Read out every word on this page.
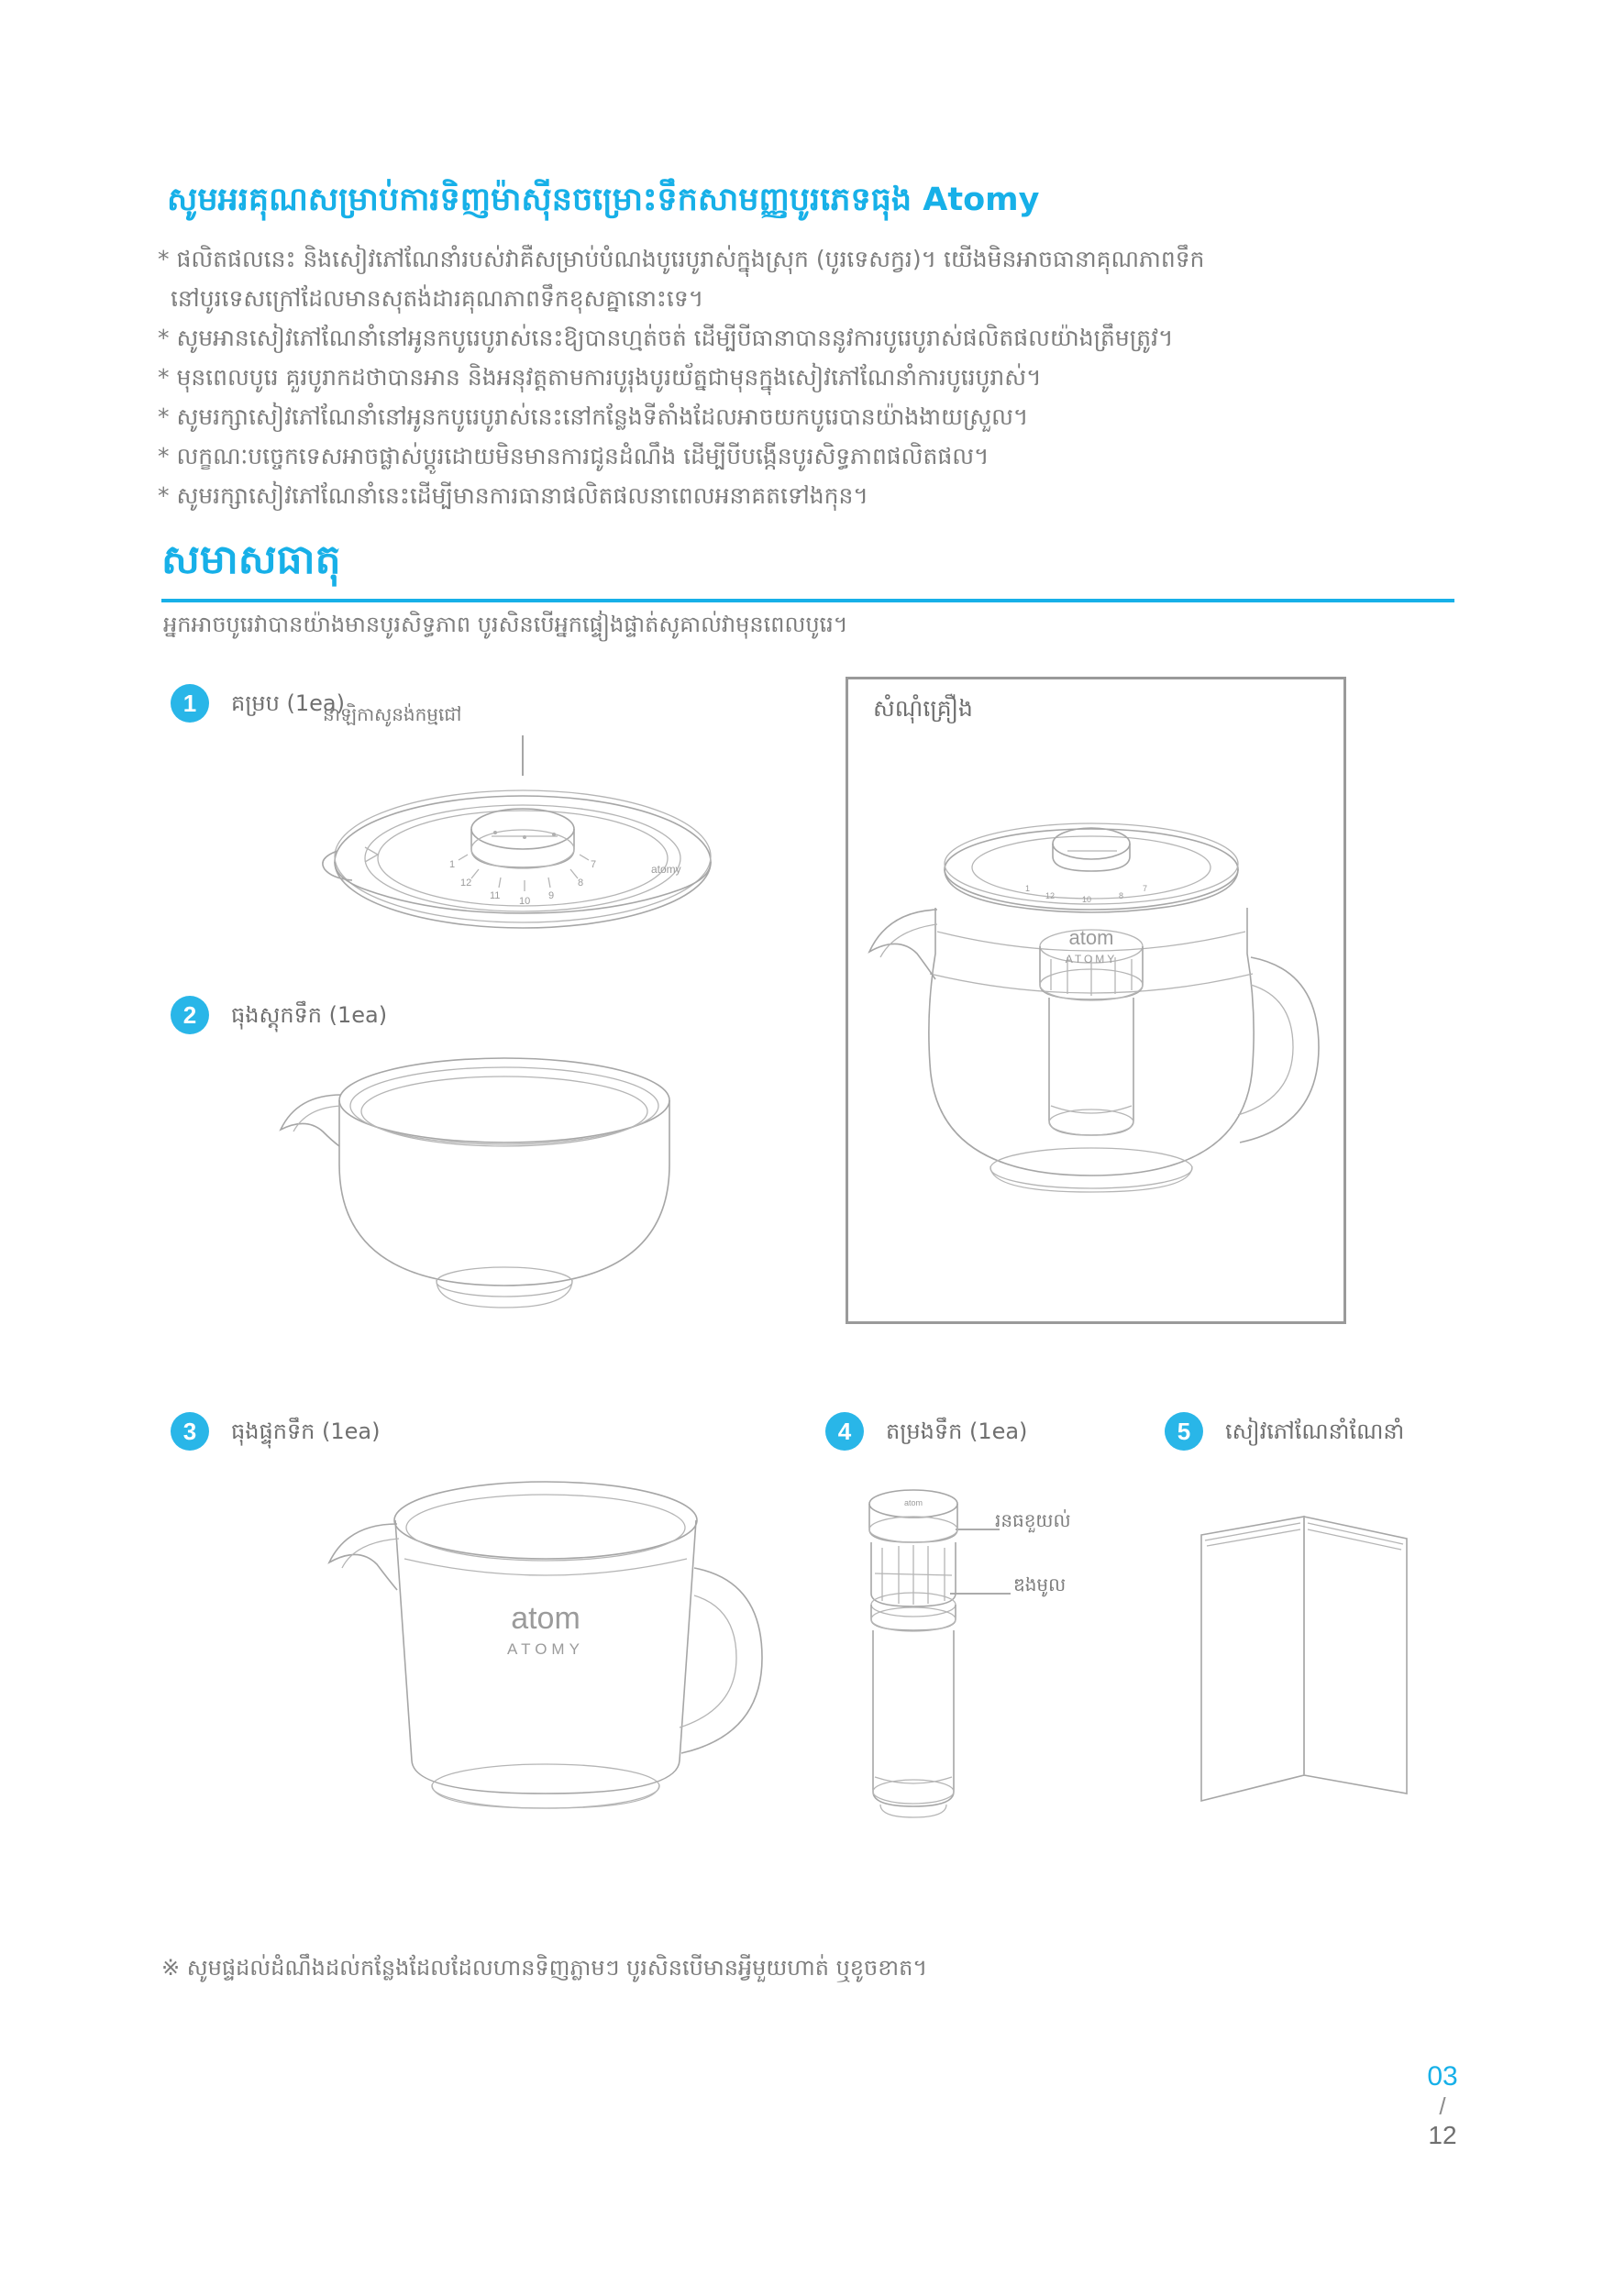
សូមអរគុណសម្រាប់ការទិញម៉ាស៊ីនចម្រោះទឹកសាមញ្ញបូរភេទធុង Atomy

* ផលិតផលនេះ និងសៀវភៅណែនាំរបស់វាគឺសម្រាប់បំណងបូរេបូរាស់ក្នុងស្រុក (បូរទេសក្វរ)។ យើងមិនអាចធានាគុណភាពទឹក

នៅបូរទេសក្រៅដែលមានសុតង់ដារគុណភាពទឹកខុសគ្នានោះទេ។

* សូមអានសៀវភៅណែនាំនៅអូនកបូរេបូរាស់នេះឱ្យបានហ្មត់ចត់ ដើម្បីបីធានាបាននូវការបូរេបូរាស់ផលិតផលយ៉ាងត្រឹមត្រូវ។

* មុនពេលបូរេ គួរបូរាកដថាបានអាន និងអនុវត្តតាមការបូរុងបូរយ័ត្នជាមុនក្នុងសៀវភៅណែនាំការបូរេបូរាស់។

* សូមរក្សាសៀវភៅណែនាំនៅអូនកបូរេបូរាស់នេះនៅកន្លែងទីតាំងដែលអាចយកបូរេបានយ៉ាងងាយស្រួល។

* លក្ខណៈបច្ចេកទេសអាចផ្លាស់ប្តូរដោយមិនមានការជូនដំណឹង ដើម្បីបីបង្កើនបូរសិទ្ធភាពផលិតផល។

* សូមរក្សាសៀវភៅណែនាំនេះដើម្បីមានការធានាផលិតផលនាពេលអនាគតទៅងកុន។

សមាសធាតុ
អ្នកអាចបូរេវាបានយ៉ាងមានបូរសិទ្ធភាព បូរសិនបើអ្នកផ្ទៀងផ្ទាត់សូគាល់វាមុនពេលបូរេ។
1	គម្រប (1ea)
នាឡិកាសូនង់កម្មជៅ
1
12
11 10 9
8
7	atomy
2	ធុងស្តុកទឹក (1ea)
សំណុំគ្រឿង
1
12	10	8
7
atom
ATOMY
3	ធុងផ្ទុកទឹក (1ea)
atom
ATOMY
4	តម្រងទឹក (1ea)
រនធខួយល់
ឌងមូល
atom
5	សៀវភៅណែនាំណែនាំ
※ សូមផ្ទដល់ដំណឹងដល់កន្លែងដែលដែលហានទិញភ្លាមៗ បូរសិនបើមានអ្វីមួយហាត់ ឬខូចខាត។
03
/
12
